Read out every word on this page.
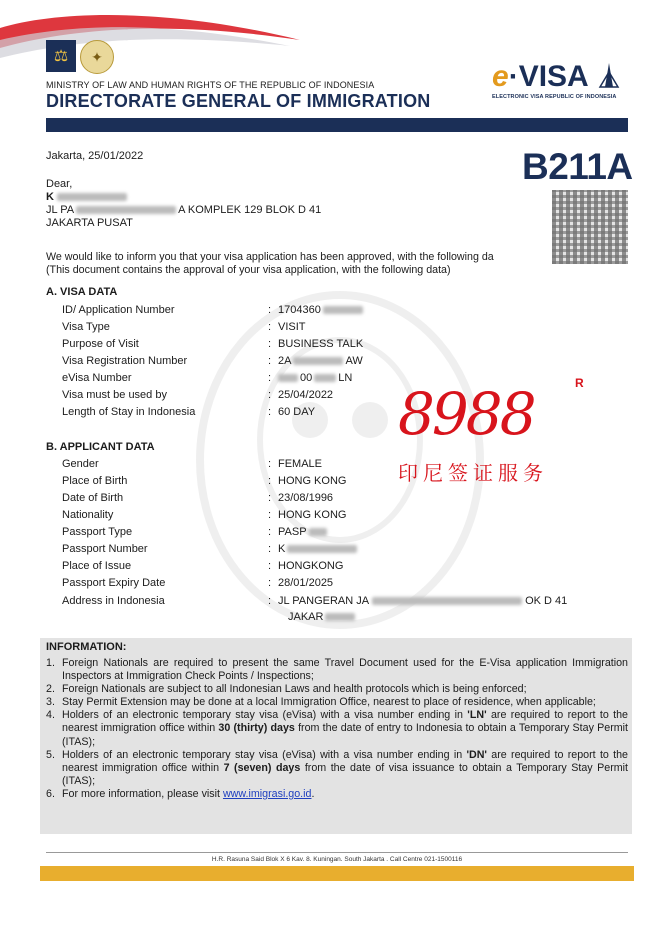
⚖	✦
MINISTRY OF LAW AND HUMAN RIGHTS OF THE REPUBLIC OF INDONESIA
DIRECTORATE GENERAL OF IMMIGRATION
e·VISA
ELECTRONIC VISA REPUBLIC OF INDONESIA
Jakarta, 25/01/2022	B211A
Dear,
K
JL PA	A KOMPLEK 129 BLOK D 41
JAKARTA PUSAT
We would like to inform you that your visa application has been approved, with the following da
(This document contains the approval of your visa application, with the following data)
A. VISA DATA
ID/ Application Number	: 1704360
Visa Type	: VISIT
Purpose of Visit	: BUSINESS TALK
Visa Registration Number	: 2A	AW
eVisa Number	:	00 LN
Visa must be used by	: 25/04/2022
Length of Stay in Indonesia	: 60 DAY
B. APPLICANT DATA
Gender	: FEMALE
Place of Birth	: HONG KONG
Date of Birth	: 23/08/1996
Nationality	: HONG KONG
Passport Type	: PASP
Passport Number	: K
Place of Issue	: HONGKONG
Passport Expiry Date	: 28/01/2025
Address in Indonesia	: JL PANGERAN JA	OK D 41
JAKAR
8988	R
印尼签证服务
INFORMATION:
1. Foreign Nationals are required to present the same Travel Document used for the E-Visa application Immigration Inspectors at Immigration Check Points / Inspections;
2. Foreign Nationals are subject to all Indonesian Laws and health protocols which is being enforced;
3. Stay Permit Extension may be done at a local Immigration Office, nearest to place of residence, when applicable;
4. Holders of an electronic temporary stay visa (eVisa) with a visa number ending in 'LN' are required to report to the nearest immigration office within 30 (thirty) days from the date of entry to Indonesia to obtain a Temporary Stay Permit (ITAS);
5. Holders of an electronic temporary stay visa (eVisa) with a visa number ending in 'DN' are required to report to the nearest immigration office within 7 (seven) days from the date of visa issuance to obtain a Temporary Stay Permit (ITAS);
6. For more information, please visit www.imigrasi.go.id.
H.R. Rasuna Said Blok X 6 Kav. 8. Kuningan. South Jakarta . Call Centre 021-1500116
